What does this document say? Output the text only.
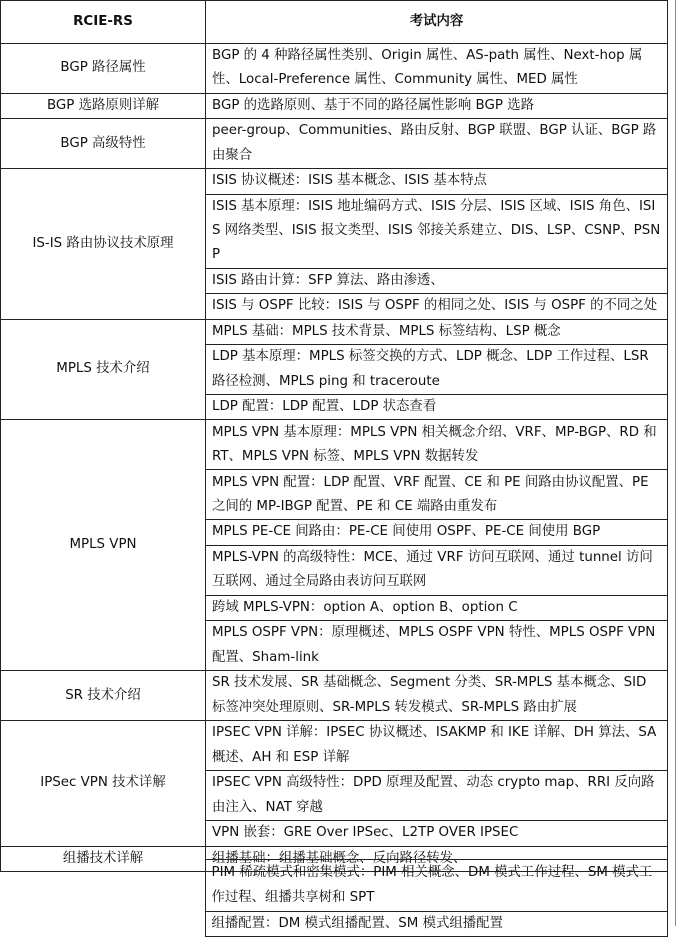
RCIE-RS	考试内容
BGP 路径属性	BGP 的 4 种路径属性类别、Origin 属性、AS-path 属性、Next-hop 属性、Local-Preference 属性、Community 属性、MED 属性
BGP 选路原则详解	BGP 的选路原则、基于不同的路径属性影响 BGP 选路
BGP 高级特性	peer-group、Communities、路由反射、BGP 联盟、BGP 认证、BGP 路由聚合
IS-IS 路由协议技术原理	ISIS 协议概述：ISIS 基本概念、ISIS 基本特点
	ISIS 基本原理：ISIS 地址编码方式、ISIS 分层、ISIS 区域、ISIS 角色、ISIS 网络类型、ISIS 报文类型、ISIS 邻接关系建立、DIS、LSP、CSNP、PSNP
	ISIS 路由计算：SFP 算法、路由渗透、
	ISIS 与 OSPF 比较：ISIS 与 OSPF 的相同之处、ISIS 与 OSPF 的不同之处
MPLS 技术介绍	MPLS 基础：MPLS 技术背景、MPLS 标签结构、LSP 概念
	LDP 基本原理：MPLS 标签交换的方式、LDP 概念、LDP 工作过程、LSR 路径检测、MPLS ping 和 traceroute
	LDP 配置：LDP 配置、LDP 状态查看
MPLS VPN	MPLS VPN 基本原理：MPLS VPN 相关概念介绍、VRF、MP-BGP、RD 和 RT、MPLS VPN 标签、MPLS VPN 数据转发
	MPLS VPN 配置：LDP 配置、VRF 配置、CE 和 PE 间路由协议配置、PE 之间的 MP-IBGP 配置、PE 和 CE 端路由重发布
	MPLS PE-CE 间路由：PE-CE 间使用 OSPF、PE-CE 间使用 BGP
	MPLS-VPN 的高级特性：MCE、通过 VRF 访问互联网、通过 tunnel 访问互联网、通过全局路由表访问互联网
	跨域 MPLS-VPN：option A、option B、option C
	MPLS OSPF VPN：原理概述、MPLS OSPF VPN 特性、MPLS OSPF VPN 配置、Sham-link
SR 技术介绍	SR 技术发展、SR 基础概念、Segment 分类、SR-MPLS 基本概念、SID 标签冲突处理原则、SR-MPLS 转发模式、SR-MPLS 路由扩展
IPSec VPN 技术详解	IPSEC VPN 详解：IPSEC 协议概述、ISAKMP 和 IKE 详解、DH 算法、SA 概述、AH 和 ESP 详解
	IPSEC VPN 高级特性：DPD 原理及配置、动态 crypto map、RRI 反向路由注入、NAT 穿越
	VPN 嵌套：GRE Over IPSec、L2TP OVER IPSEC
组播技术详解	组播基础：组播基础概念、反向路径转发、
	PIM 稀疏模式和密集模式：PIM 相关概念、DM 模式工作过程、SM 模式工作过程、组播共享树和 SPT
	组播配置：DM 模式组播配置、SM 模式组播配置
